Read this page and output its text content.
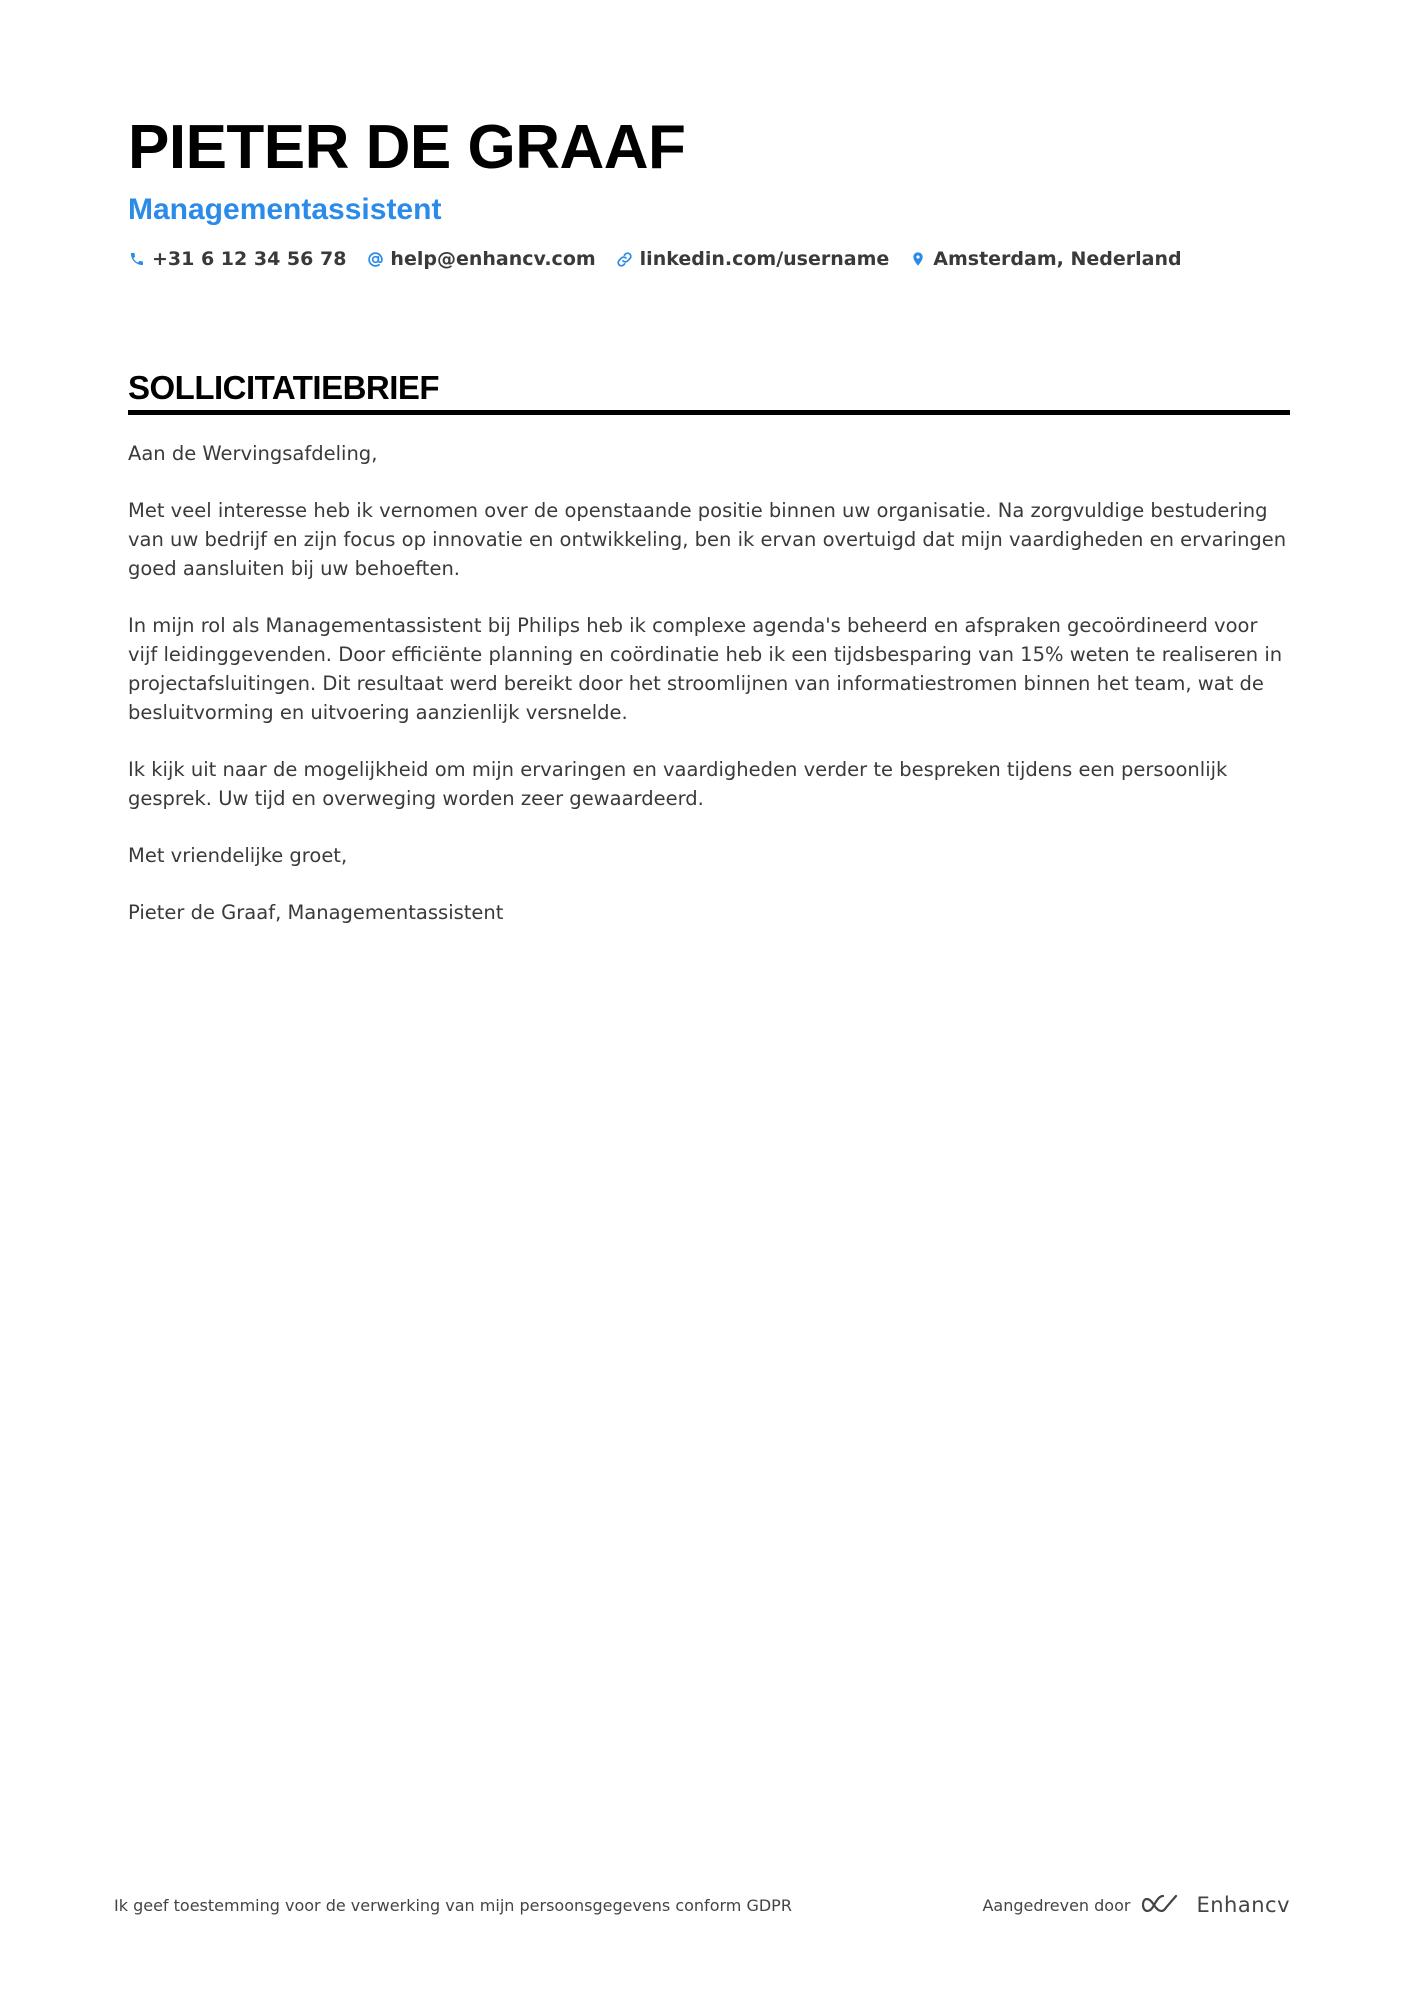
PIETER DE GRAAF
Managementassistent
+31 6 12 34 56 78 help@enhancv.com linkedin.com/username Amsterdam, Nederland
SOLLICITATIEBRIEF

Aan de Wervingsafdeling,

Met veel interesse heb ik vernomen over de openstaande positie binnen uw organisatie. Na zorgvuldige bestudering van uw bedrijf en zijn focus op innovatie en ontwikkeling, ben ik ervan overtuigd dat mijn vaardigheden en ervaringen goed aansluiten bij uw behoeften.

In mijn rol als Managementassistent bij Philips heb ik complexe agenda's beheerd en afspraken gecoördineerd voor vijf leidinggevenden. Door efficiënte planning en coördinatie heb ik een tijdsbesparing van 15% weten te realiseren in projectafsluitingen. Dit resultaat werd bereikt door het stroomlijnen van informatiestromen binnen het team, wat de besluitvorming en uitvoering aanzienlijk versnelde.

Ik kijk uit naar de mogelijkheid om mijn ervaringen en vaardigheden verder te bespreken tijdens een persoonlijk gesprek. Uw tijd en overweging worden zeer gewaardeerd.

Met vriendelijke groet,

Pieter de Graaf, Managementassistent

Ik geef toestemming voor de verwerking van mijn persoonsgegevens conform GDPR	Aangedreven door	Enhancv
